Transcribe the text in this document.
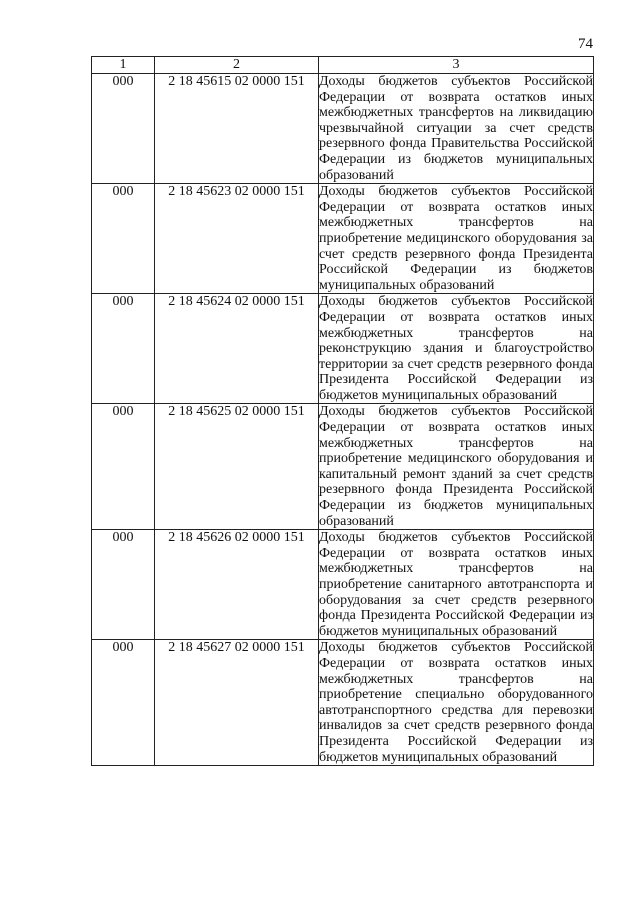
74
1	2	3
000	2 18 45615 02 0000 151	Доходы бюджетов субъектов Российской Федерации от возврата остатков иных межбюджетных трансфертов на ликвидацию чрезвычайной ситуации за счет средств резервного фонда Правительства Российской Федерации из бюджетов муниципальных образований
000	2 18 45623 02 0000 151	Доходы бюджетов субъектов Российской Федерации от возврата остатков иных межбюджетных трансфертов на приобретение медицинского оборудования за счет средств резервного фонда Президента Российской Федерации из бюджетов муниципальных образований
000	2 18 45624 02 0000 151	Доходы бюджетов субъектов Российской Федерации от возврата остатков иных межбюджетных трансфертов на реконструкцию здания и благоустройство территории за счет средств резервного фонда Президента Российской Федерации из бюджетов муниципальных образований
000	2 18 45625 02 0000 151	Доходы бюджетов субъектов Российской Федерации от возврата остатков иных межбюджетных трансфертов на приобретение медицинского оборудования и капитальный ремонт зданий за счет средств резервного фонда Президента Российской Федерации из бюджетов муниципальных образований
000	2 18 45626 02 0000 151	Доходы бюджетов субъектов Российской Федерации от возврата остатков иных межбюджетных трансфертов на приобретение санитарного автотранспорта и оборудования за счет средств резервного фонда Президента Российской Федерации из бюджетов муниципальных образований
000	2 18 45627 02 0000 151	Доходы бюджетов субъектов Российской Федерации от возврата остатков иных межбюджетных трансфертов на приобретение специально оборудованного автотранспортного средства для перевозки инвалидов за счет средств резервного фонда Президента Российской Федерации из бюджетов муниципальных образований
